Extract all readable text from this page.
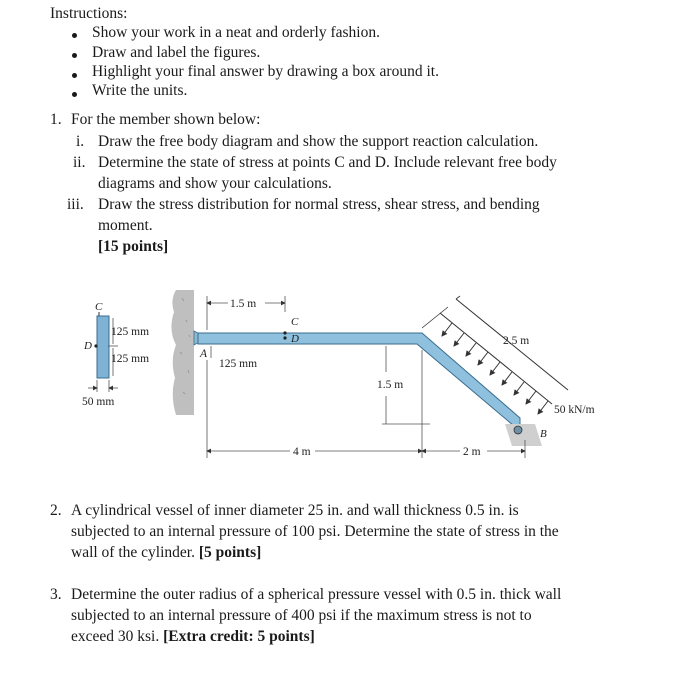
Instructions:
Show your work in a neat and orderly fashion.
Draw and label the figures.
Highlight your final answer by drawing a box around it.
Write the units.
1. For the member shown below:
i. Draw the free body diagram and show the support reaction calculation.
ii. Determine the state of stress at points C and D. Include relevant free body
diagrams and show your calculations.
iii. Draw the stress distribution for normal stress, shear stress, and bending
moment.
[15 points]
C
D
125 mm
125 mm
50 mm
A
B
1.5 m
C
D
125 mm
1.5 m
2.5 m
50 kN/m
4 m	2 m
2. A cylindrical vessel of inner diameter 25 in. and wall thickness 0.5 in. is
subjected to an internal pressure of 100 psi. Determine the state of stress in the
wall of the cylinder. [5 points]
3. Determine the outer radius of a spherical pressure vessel with 0.5 in. thick wall
subjected to an internal pressure of 400 psi if the maximum stress is not to
exceed 30 ksi. [Extra credit: 5 points]
